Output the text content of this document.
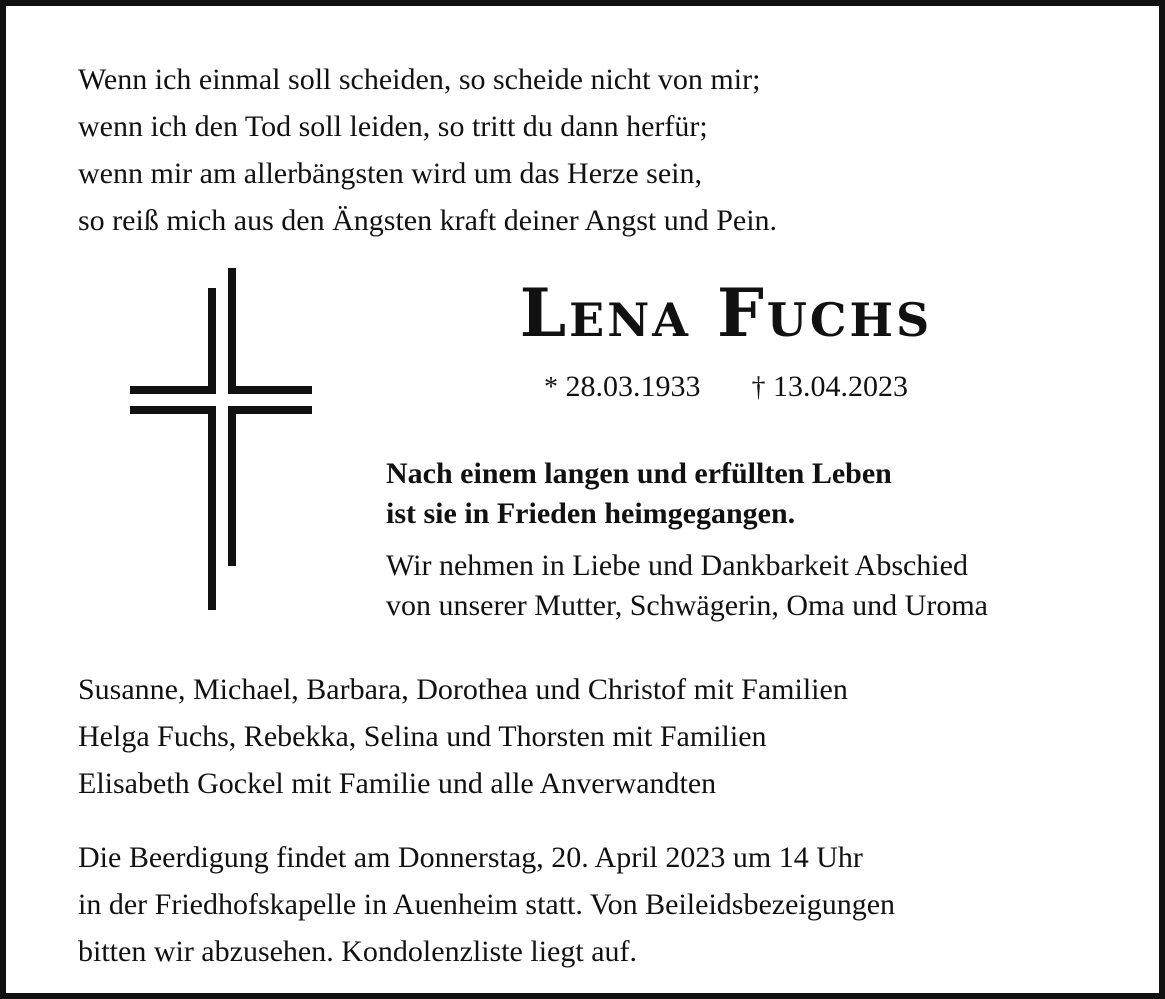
Wenn ich einmal soll scheiden, so scheide nicht von mir;
wenn ich den Tod soll leiden, so tritt du dann herfür;
wenn mir am allerbängsten wird um das Herze sein,
so reiß mich aus den Ängsten kraft deiner Angst und Pein.
Lena Fuchs
* 28.03.1933 † 13.04.2023
Nach einem langen und erfüllten Leben
ist sie in Frieden heimgegangen.
Wir nehmen in Liebe und Dankbarkeit Abschied
von unserer Mutter, Schwägerin, Oma und Uroma
Susanne, Michael, Barbara, Dorothea und Christof mit Familien
Helga Fuchs, Rebekka, Selina und Thorsten mit Familien
Elisabeth Gockel mit Familie und alle Anverwandten
Die Beerdigung findet am Donnerstag, 20. April 2023 um 14 Uhr
in der Friedhofskapelle in Auenheim statt. Von Beileidsbezeigungen
bitten wir abzusehen. Kondolenzliste liegt auf.
